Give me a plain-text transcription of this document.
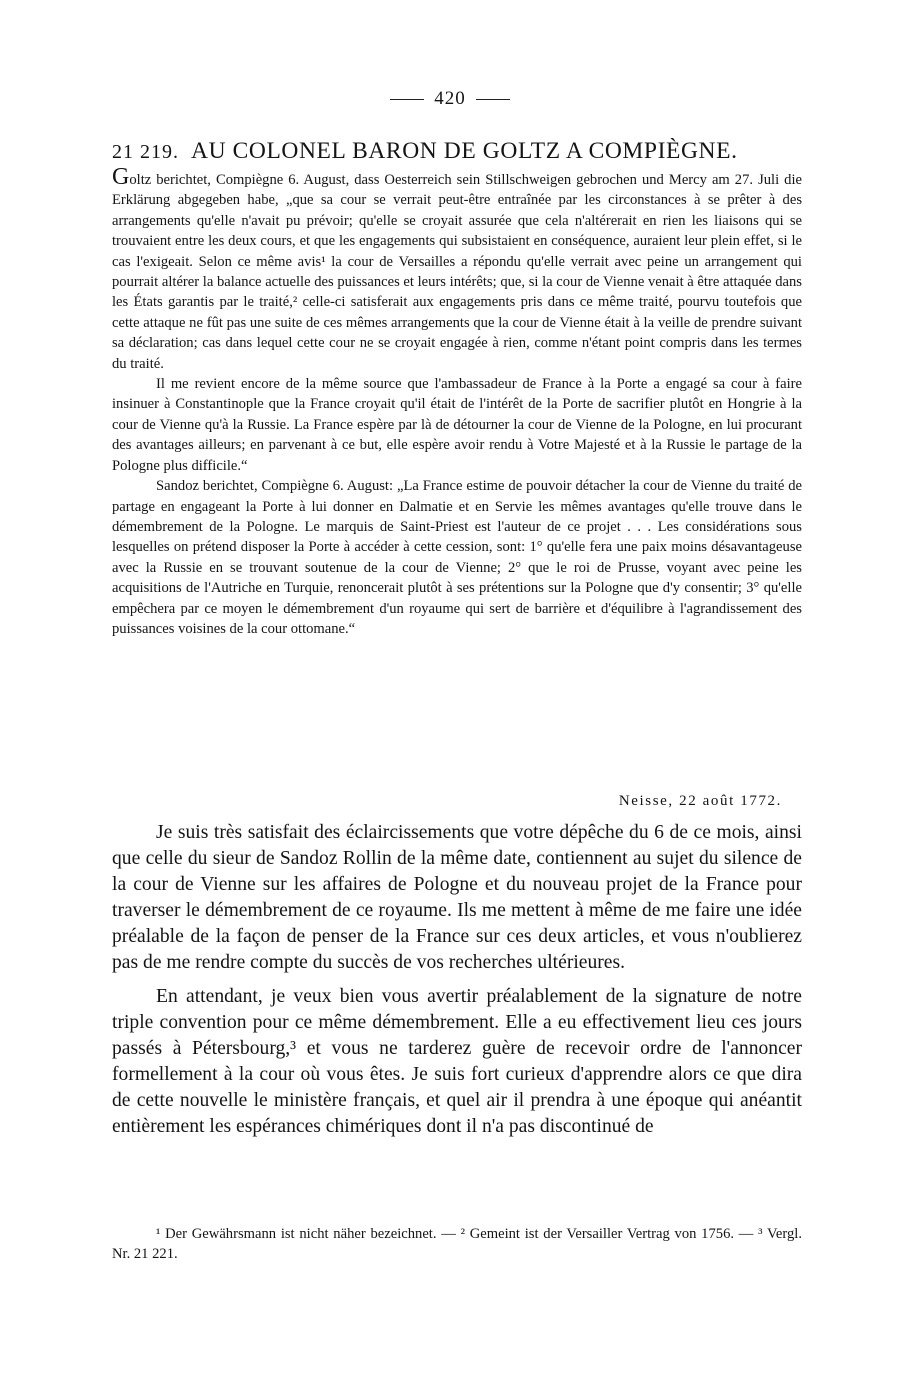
420
21 219. AU COLONEL BARON DE GOLTZ A COMPIÈGNE.

Goltz berichtet, Compiègne 6. August, dass Oesterreich sein Stillschweigen gebrochen und Mercy am 27. Juli die Erklärung abgegeben habe, „que sa cour se verrait peut-être entraînée par les circonstances à se prêter à des arrangements qu'elle n'avait pu prévoir; qu'elle se croyait assurée que cela n'altérerait en rien les liaisons qui se trouvaient entre les deux cours, et que les engagements qui subsistaient en conséquence, auraient leur plein effet, si le cas l'exigeait. Selon ce même avis¹ la cour de Versailles a répondu qu'elle verrait avec peine un arrangement qui pourrait altérer la balance actuelle des puissances et leurs intérêts; que, si la cour de Vienne venait à être attaquée dans les États garantis par le traité,² celle-ci satisferait aux engagements pris dans ce même traité, pourvu toutefois que cette attaque ne fût pas une suite de ces mêmes arrangements que la cour de Vienne était à la veille de prendre suivant sa déclaration; cas dans lequel cette cour ne se croyait engagée à rien, comme n'étant point compris dans les termes du traité.

Il me revient encore de la même source que l'ambassadeur de France à la Porte a engagé sa cour à faire insinuer à Constantinople que la France croyait qu'il était de l'intérêt de la Porte de sacrifier plutôt en Hongrie à la cour de Vienne qu'à la Russie. La France espère par là de détourner la cour de Vienne de la Pologne, en lui procurant des avantages ailleurs; en parvenant à ce but, elle espère avoir rendu à Votre Majesté et à la Russie le partage de la Pologne plus difficile.“

Sandoz berichtet, Compiègne 6. August: „La France estime de pouvoir détacher la cour de Vienne du traité de partage en engageant la Porte à lui donner en Dalmatie et en Servie les mêmes avantages qu'elle trouve dans le démembrement de la Pologne. Le marquis de Saint-Priest est l'auteur de ce projet . . . Les considérations sous lesquelles on prétend disposer la Porte à accéder à cette cession, sont: 1° qu'elle fera une paix moins désavantageuse avec la Russie en se trouvant soutenue de la cour de Vienne; 2° que le roi de Prusse, voyant avec peine les acquisitions de l'Autriche en Turquie, renoncerait plutôt à ses prétentions sur la Pologne que d'y consentir; 3° qu'elle empêchera par ce moyen le démembrement d'un royaume qui sert de barrière et d'équilibre à l'agrandissement des puissances voisines de la cour ottomane.“

Neisse, 22 août 1772.

Je suis très satisfait des éclaircissements que votre dépêche du 6 de ce mois, ainsi que celle du sieur de Sandoz Rollin de la même date, contiennent au sujet du silence de la cour de Vienne sur les affaires de Pologne et du nouveau projet de la France pour traverser le démembrement de ce royaume. Ils me mettent à même de me faire une idée préalable de la façon de penser de la France sur ces deux articles, et vous n'oublierez pas de me rendre compte du succès de vos recherches ultérieures.

En attendant, je veux bien vous avertir préalablement de la signature de notre triple convention pour ce même démembrement. Elle a eu effectivement lieu ces jours passés à Pétersbourg,³ et vous ne tarderez guère de recevoir ordre de l'annoncer formellement à la cour où vous êtes. Je suis fort curieux d'apprendre alors ce que dira de cette nouvelle le ministère français, et quel air il prendra à une époque qui anéantit entièrement les espérances chimériques dont il n'a pas discontinué de

¹ Der Gewährsmann ist nicht näher bezeichnet. — ² Gemeint ist der Versailler Vertrag von 1756. — ³ Vergl. Nr. 21 221.
